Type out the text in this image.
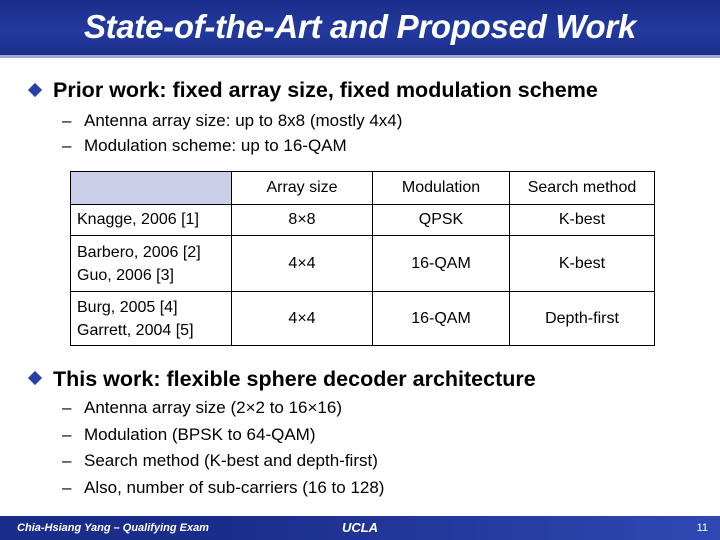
State-of-the-Art and Proposed Work
Prior work: fixed array size, fixed modulation scheme
– Antenna array size: up to 8x8 (mostly 4x4)
– Modulation scheme: up to 16-QAM
	Array size	Modulation	Search method
Knagge, 2006 [1]	8×8	QPSK	K-best
Barbero, 2006 [2]
Guo, 2006 [3]	4×4	16-QAM	K-best
Burg, 2005 [4]
Garrett, 2004 [5]	4×4	16-QAM	Depth-first
This work: flexible sphere decoder architecture
– Antenna array size (2×2 to 16×16)
– Modulation (BPSK to 64-QAM)
– Search method (K-best and depth-first)
– Also, number of sub-carriers (16 to 128)
Chia-Hsiang Yang – Qualifying Exam	UCLA	11
